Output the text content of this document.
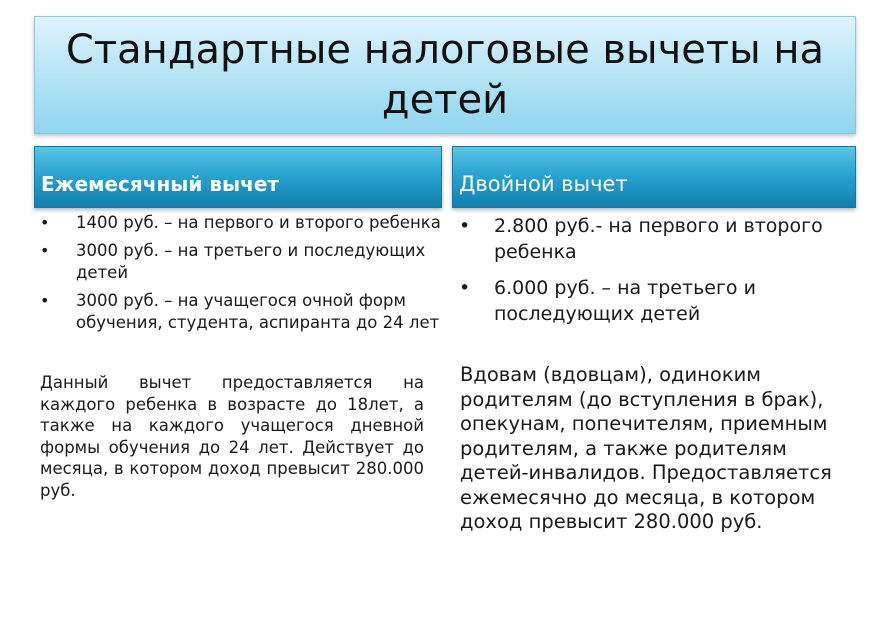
Стандартные налоговые вычеты на детей
Ежемесячный вычет
• 1400 руб. – на первого и второго ребенка
• 3000 руб. – на третьего и последующих детей
• 3000 руб. – на учащегося очной форм обучения, студента, аспиранта до 24 лет
Данный вычет предоставляется на каждого ребенка в возрасте до 18лет, а также на каждого учащегося дневной формы обучения до 24 лет. Действует до месяца, в котором доход превысит 280.000 руб.
Двойной вычет
• 2.800 руб.- на первого и второго ребенка
• 6.000 руб. – на третьего и последующих детей
Вдовам (вдовцам), одиноким родителям (до вступления в брак), опекунам, попечителям, приемным родителям, а также родителям детей-инвалидов. Предоставляется ежемесячно до месяца, в котором доход превысит 280.000 руб.
